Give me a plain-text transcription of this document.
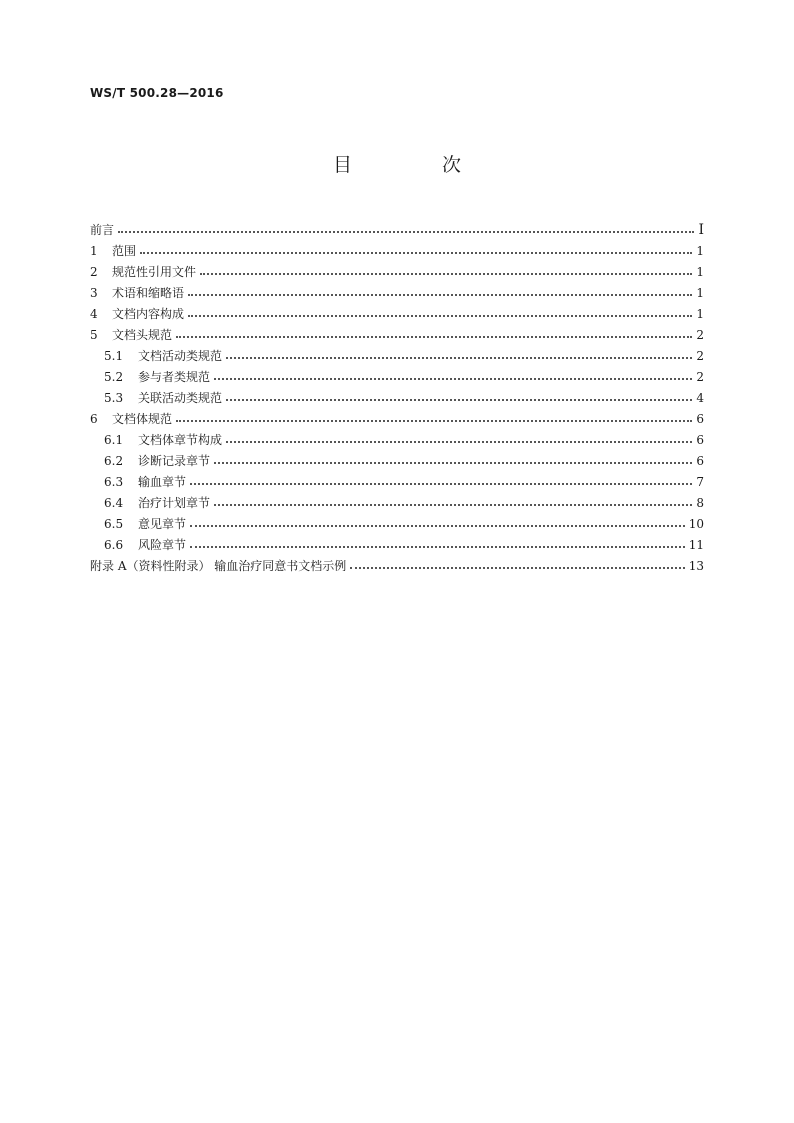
WS/T 500.28—2016
目 次
前言	I
1	范围	1
2	规范性引用文件	1
3	术语和缩略语	1
4	文档内容构成	1
5	文档头规范	2
5.1	文档活动类规范	2
5.2	参与者类规范	2
5.3	关联活动类规范	4
6	文档体规范	6
6.1	文档体章节构成	6
6.2	诊断记录章节	6
6.3	输血章节	7
6.4	治疗计划章节	8
6.5	意见章节	10
6.6	风险章节	11
附录 A（资料性附录） 输血治疗同意书文档示例	13
